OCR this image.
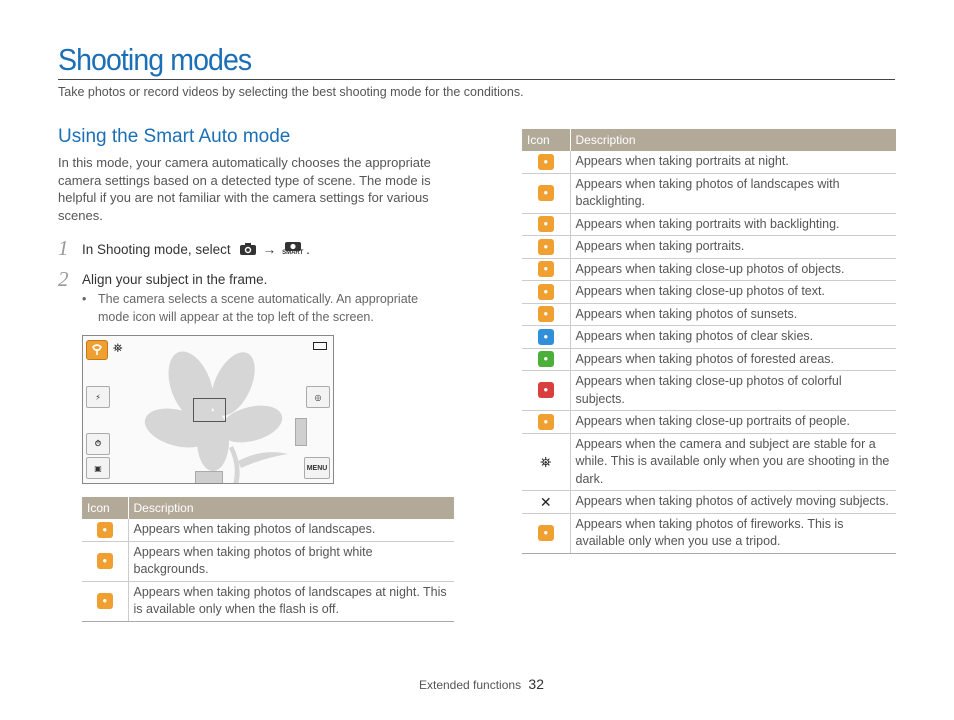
Shooting modes
Take photos or record videos by selecting the best shooting mode for the conditions.
Using the Smart Auto mode
In this mode, your camera automatically chooses the appropriate camera settings based on a detected type of scene. The mode is helpful if you are not familiar with the camera settings for various scenes.
1 In Shooting mode, select → SMART .
2 Align your subject in the frame.
• The camera selects a scene automatically. An appropriate mode icon will appear at the top left of the screen.
⛯
⚡
⏱
▣
◎
MENU
Icon	Description
●	Appears when taking photos of landscapes.
●	Appears when taking photos of bright white backgrounds.
●	Appears when taking photos of landscapes at night. This is available only when the flash is off.
Icon	Description
●	Appears when taking portraits at night.
●	Appears when taking photos of landscapes with backlighting.
●	Appears when taking portraits with backlighting.
●	Appears when taking portraits.
●	Appears when taking close-up photos of objects.
●	Appears when taking close-up photos of text.
●	Appears when taking photos of sunsets.
●	Appears when taking photos of clear skies.
●	Appears when taking photos of forested areas.
●	Appears when taking close-up photos of colorful subjects.
●	Appears when taking close-up portraits of people.
⛯	Appears when the camera and subject are stable for a while. This is available only when you are shooting in the dark.
✕	Appears when taking photos of actively moving subjects.
●	Appears when taking photos of fireworks. This is available only when you use a tripod.
Extended functions 32
